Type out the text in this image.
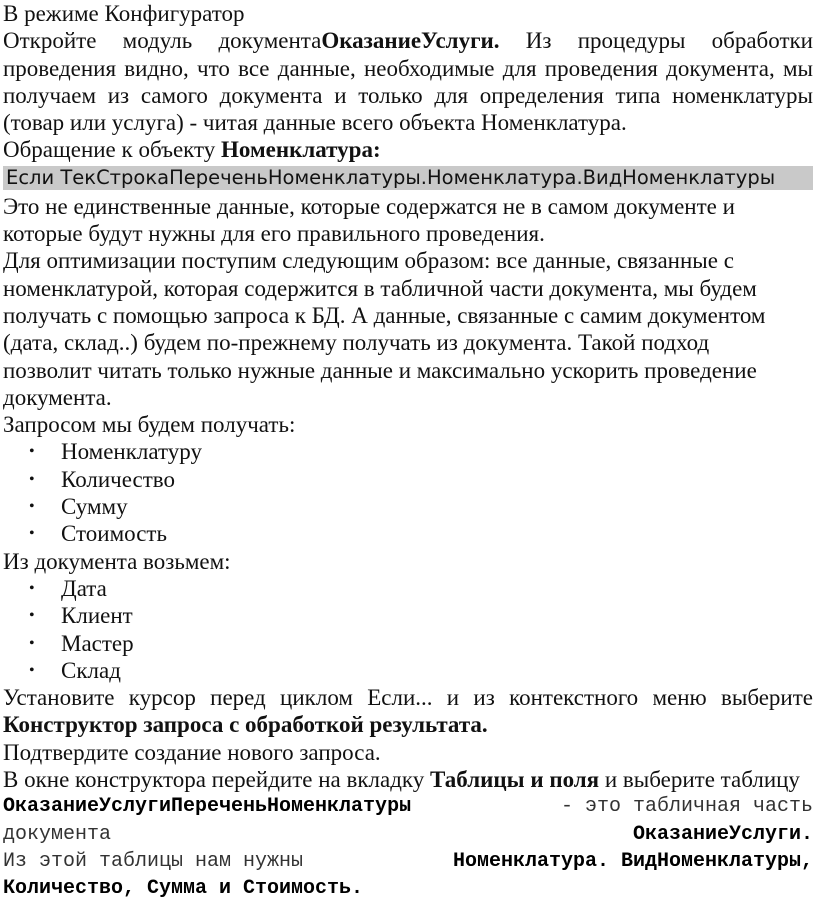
В режиме Конфигуратор

Откройте модуль документаОказаниеУслуги. Из процедуры обработки

проведения видно, что все данные, необходимые для проведения документа, мы

получаем из самого документа и только для определения типа номенклатуры

(товар или услуга) - читая данные всего объекта Номенклатура.

Обращение к объекту Номенклатура:

Если ТекСтрокаПереченьНоменклатуры.Номенклатура.ВидНоменклатуры

Это не единственные данные, которые содержатся не в самом документе и

которые будут нужны для его правильного проведения.

Для оптимизации поступим следующим образом: все данные, связанные с

номенклатурой, которая содержится в табличной части документа, мы будем

получать с помощью запроса к БД. А данные, связанные с самим документом

(дата, склад..) будем по-прежнему получать из документа. Такой подход

позволит читать только нужные данные и максимально ускорить проведение

документа.

Запросом мы будем получать:

• Номенклатуру
• Количество
• Сумму
• Стоимость

Из документа возьмем:

• Дата
• Клиент
• Мастер
• Склад

Установите курсор перед циклом Если... и из контекстного меню выберите

Конструктор запроса с обработкой результата.

Подтвердите создание нового запроса.

В окне конструктора перейдите на вкладку Таблицы и поля и выберите таблицу

ОказаниеУслугиПереченьНоменклатуры	- это табличная часть

документа	ОказаниеУслуги.

Из этой таблицы нам нужны	Номенклатура. ВидНоменклатуры,

Количество, Сумма и Стоимость.
